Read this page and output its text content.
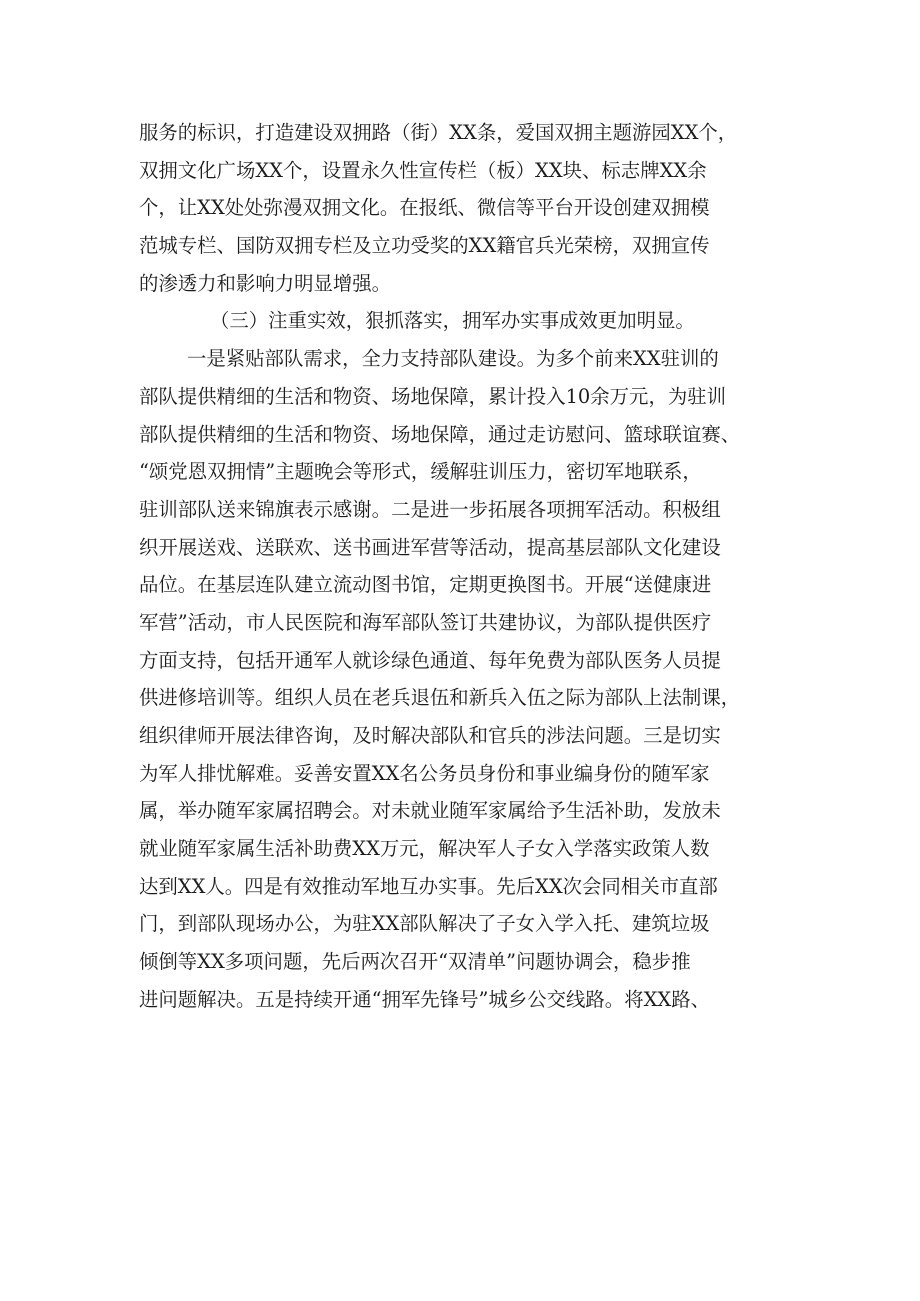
服务的标识，打造建设双拥路（街）XX条，爱国双拥主题游园XX个，
双拥文化广场XX个，设置永久性宣传栏（板）XX块、标志牌XX余
个，让XX处处弥漫双拥文化。在报纸、微信等平台开设创建双拥模
范城专栏、国防双拥专栏及立功受奖的XX籍官兵光荣榜，双拥宣传
的渗透力和影响力明显增强。
（三）注重实效，狠抓落实，拥军办实事成效更加明显。
一是紧贴部队需求，全力支持部队建设。为多个前来XX驻训的
部队提供精细的生活和物资、场地保障，累计投入10余万元，为驻训
部队提供精细的生活和物资、场地保障，通过走访慰问、篮球联谊赛、
“颂党恩双拥情”主题晚会等形式，缓解驻训压力，密切军地联系，
驻训部队送来锦旗表示感谢。二是进一步拓展各项拥军活动。积极组
织开展送戏、送联欢、送书画进军营等活动，提高基层部队文化建设
品位。在基层连队建立流动图书馆，定期更换图书。开展“送健康进
军营”活动，市人民医院和海军部队签订共建协议，为部队提供医疗
方面支持，包括开通军人就诊绿色通道、每年免费为部队医务人员提
供进修培训等。组织人员在老兵退伍和新兵入伍之际为部队上法制课，
组织律师开展法律咨询，及时解决部队和官兵的涉法问题。三是切实
为军人排忧解难。妥善安置XX名公务员身份和事业编身份的随军家
属，举办随军家属招聘会。对未就业随军家属给予生活补助，发放未
就业随军家属生活补助费XX万元，解决军人子女入学落实政策人数
达到XX人。四是有效推动军地互办实事。先后XX次会同相关市直部
门，到部队现场办公，为驻XX部队解决了子女入学入托、建筑垃圾
倾倒等XX多项问题，先后两次召开“双清单”问题协调会，稳步推
进问题解决。五是持续开通“拥军先锋号”城乡公交线路。将XX路、
